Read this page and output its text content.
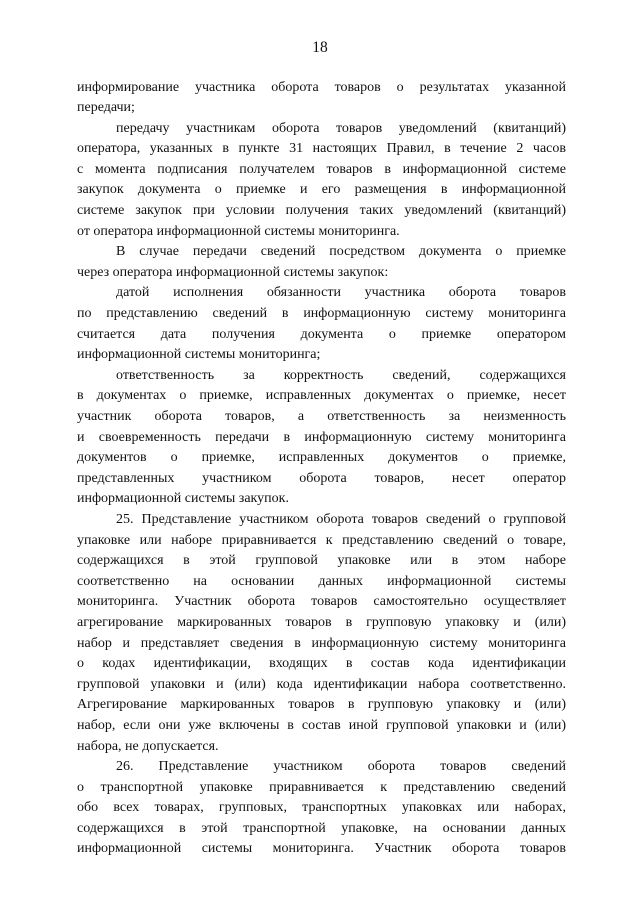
18
информирование участника оборота товаров о результатах указанной
передачи;
передачу участникам оборота товаров уведомлений (квитанций)
оператора, указанных в пункте 31 настоящих Правил, в течение 2 часов
с момента подписания получателем товаров в информационной системе
закупок документа о приемке и его размещения в информационной
системе закупок при условии получения таких уведомлений (квитанций)
от оператора информационной системы мониторинга.
В случае передачи сведений посредством документа о приемке
через оператора информационной системы закупок:
датой исполнения обязанности участника оборота товаров
по представлению сведений в информационную систему мониторинга
считается дата получения документа о приемке оператором
информационной системы мониторинга;
ответственность за корректность сведений, содержащихся
в документах о приемке, исправленных документах о приемке, несет
участник оборота товаров, а ответственность за неизменность
и своевременность передачи в информационную систему мониторинга
документов о приемке, исправленных документов о приемке,
представленных участником оборота товаров, несет оператор
информационной системы закупок.
25. Представление участником оборота товаров сведений о групповой
упаковке или наборе приравнивается к представлению сведений о товаре,
содержащихся в этой групповой упаковке или в этом наборе
соответственно на основании данных информационной системы
мониторинга. Участник оборота товаров самостоятельно осуществляет
агрегирование маркированных товаров в групповую упаковку и (или)
набор и представляет сведения в информационную систему мониторинга
о кодах идентификации, входящих в состав кода идентификации
групповой упаковки и (или) кода идентификации набора соответственно.
Агрегирование маркированных товаров в групповую упаковку и (или)
набор, если они уже включены в состав иной групповой упаковки и (или)
набора, не допускается.
26. Представление участником оборота товаров сведений
о транспортной упаковке приравнивается к представлению сведений
обо всех товарах, групповых, транспортных упаковках или наборах,
содержащихся в этой транспортной упаковке, на основании данных
информационной системы мониторинга. Участник оборота товаров
